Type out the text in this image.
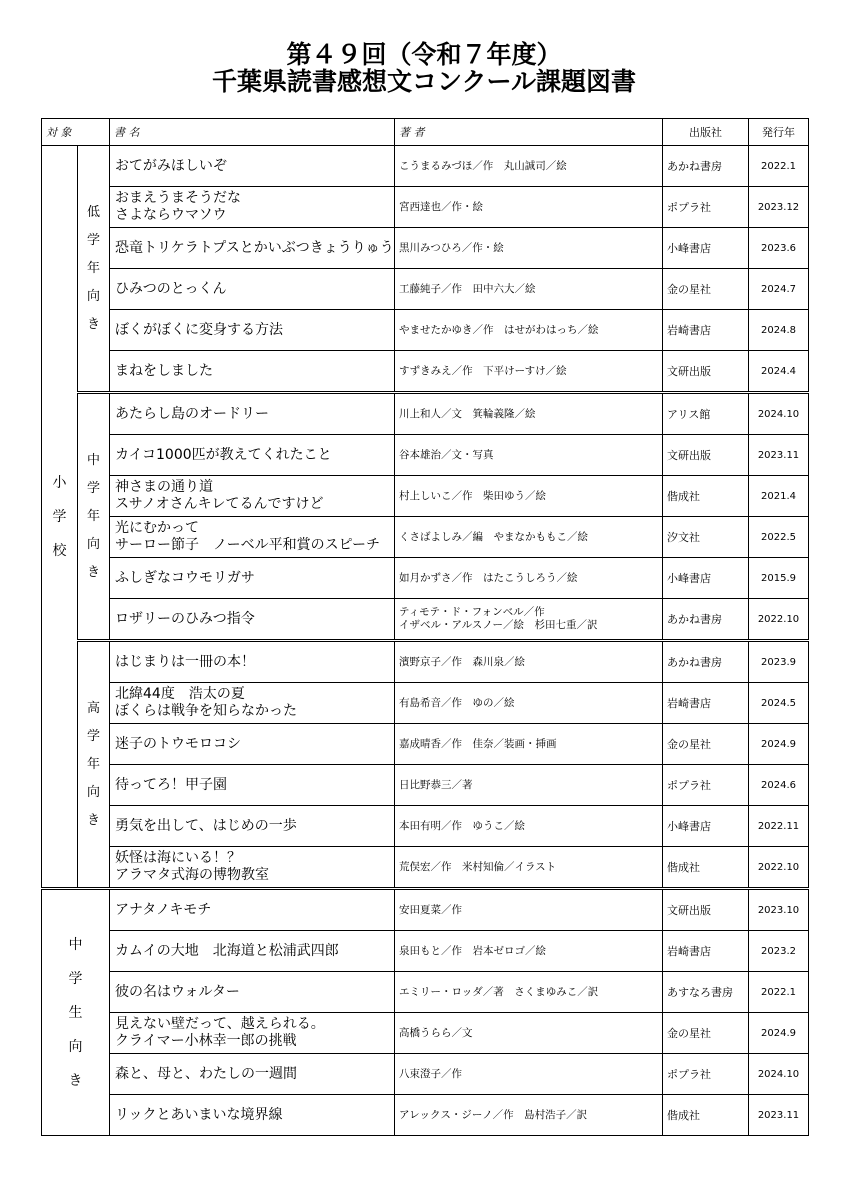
第４９回（令和７年度）
千葉県読書感想文コンクール課題図書
対 象		書 名	著 者	出版社	発行年

小
学
校	低
学
年
向
き	おてがみほしいぞ	こうまるみづほ／作　丸山誠司／絵	あかね書房	2022.1

		おまえうまそうだな
さよならウマソウ	宮西達也／作・絵	ポプラ社	2023.12

		恐竜トリケラトプスとかいぶつきょうりゅう	黒川みつひろ／作・絵	小峰書店	2023.6

		ひみつのとっくん	工藤純子／作　田中六大／絵	金の星社	2024.7

		ぼくがぼくに変身する方法	やませたかゆき／作　はせがわはっち／絵	岩崎書店	2024.8

		まねをしました	すずきみえ／作　下平けーすけ／絵	文研出版	2024.4

	中
学
年
向
き	あたらし島のオードリー	川上和人／文　箕輪義隆／絵	アリス館	2024.10

		カイコ1000匹が教えてくれたこと	谷本雄治／文・写真	文研出版	2023.11

		神さまの通り道
スサノオさんキレてるんですけど	村上しいこ／作　柴田ゆう／絵	偕成社	2021.4

		光にむかって
サーロー節子　ノーベル平和賞のスピーチ	くさばよしみ／編　やまなかももこ／絵	汐文社	2022.5

		ふしぎなコウモリガサ	如月かずさ／作　はたこうしろう／絵	小峰書店	2015.9

		ロザリーのひみつ指令	ティモテ・ド・フォンベル／作
イザベル・アルスノー／絵　杉田七重／訳	あかね書房	2022.10

	高
学
年
向
き	はじまりは一冊の本！	濱野京子／作　森川泉／絵	あかね書房	2023.9

		北緯44度　浩太の夏
ぼくらは戦争を知らなかった	有島希音／作　ゆの／絵	岩崎書店	2024.5

		迷子のトウモロコシ	嘉成晴香／作　佳奈／装画・挿画	金の星社	2024.9

		待ってろ！甲子園	日比野恭三／著	ポプラ社	2024.6

		勇気を出して、はじめの一歩	本田有明／作　ゆうこ／絵	小峰書店	2022.11

		妖怪は海にいる！？
アラマタ式海の博物教室	荒俣宏／作　米村知倫／イラスト	偕成社	2022.10

中
学
生
向
き		アナタノキモチ	安田夏菜／作	文研出版	2023.10

		カムイの大地　北海道と松浦武四郎	泉田もと／作　岩本ゼロゴ／絵	岩崎書店	2023.2

		彼の名はウォルター	エミリー・ロッダ／著　さくまゆみこ／訳	あすなろ書房	2022.1

		見えない壁だって、越えられる。
クライマー小林幸一郎の挑戦	高橋うらら／文	金の星社	2024.9

		森と、母と、わたしの一週間	八束澄子／作	ポプラ社	2024.10

		リックとあいまいな境界線	アレックス・ジーノ／作　島村浩子／訳	偕成社	2023.11
